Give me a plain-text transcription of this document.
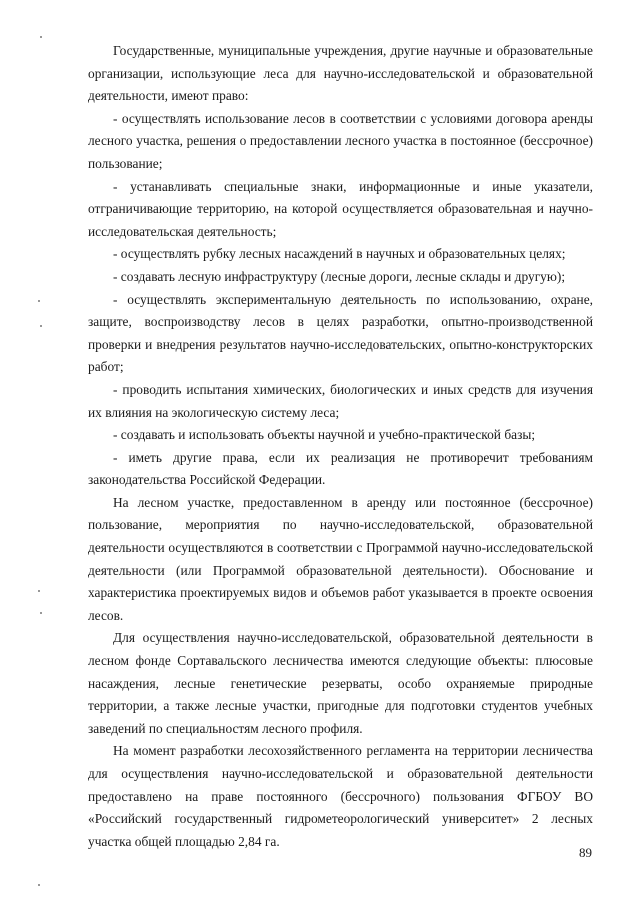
Государственные, муниципальные учреждения, другие научные и образовательные организации, использующие леса для научно-исследовательской и образовательной деятельности, имеют право:

- осуществлять использование лесов в соответствии с условиями договора аренды лесного участка, решения о предоставлении лесного участка в постоянное (бессрочное) пользование;

- устанавливать специальные знаки, информационные и иные указатели, отграничивающие территорию, на которой осуществляется образовательная и научно-исследовательская деятельность;

- осуществлять рубку лесных насаждений в научных и образовательных целях;

- создавать лесную инфраструктуру (лесные дороги, лесные склады и другую);

- осуществлять экспериментальную деятельность по использованию, охране, защите, воспроизводству лесов в целях разработки, опытно-производственной проверки и внедрения результатов научно-исследовательских, опытно-конструкторских работ;

- проводить испытания химических, биологических и иных средств для изучения их влияния на экологическую систему леса;

- создавать и использовать объекты научной и учебно-практической базы;

- иметь другие права, если их реализация не противоречит требованиям законодательства Российской Федерации.

На лесном участке, предоставленном в аренду или постоянное (бессрочное) пользование, мероприятия по научно-исследовательской, образовательной деятельности осуществляются в соответствии с Программой научно-исследовательской деятельности (или Программой образовательной деятельности). Обоснование и характеристика проектируемых видов и объемов работ указывается в проекте освоения лесов.

Для осуществления научно-исследовательской, образовательной деятельности в лесном фонде Сортавальского лесничества имеются следующие объекты: плюсовые насаждения, лесные генетические резерваты, особо охраняемые природные территории, а также лесные участки, пригодные для подготовки студентов учебных заведений по специальностям лесного профиля.

На момент разработки лесохозяйственного регламента на территории лесничества для осуществления научно-исследовательской и образовательной деятельности предоставлено на праве постоянного (бессрочного) пользования ФГБОУ ВО «Российский государственный гидрометеорологический университет» 2 лесных участка общей площадью 2,84 га.

89
